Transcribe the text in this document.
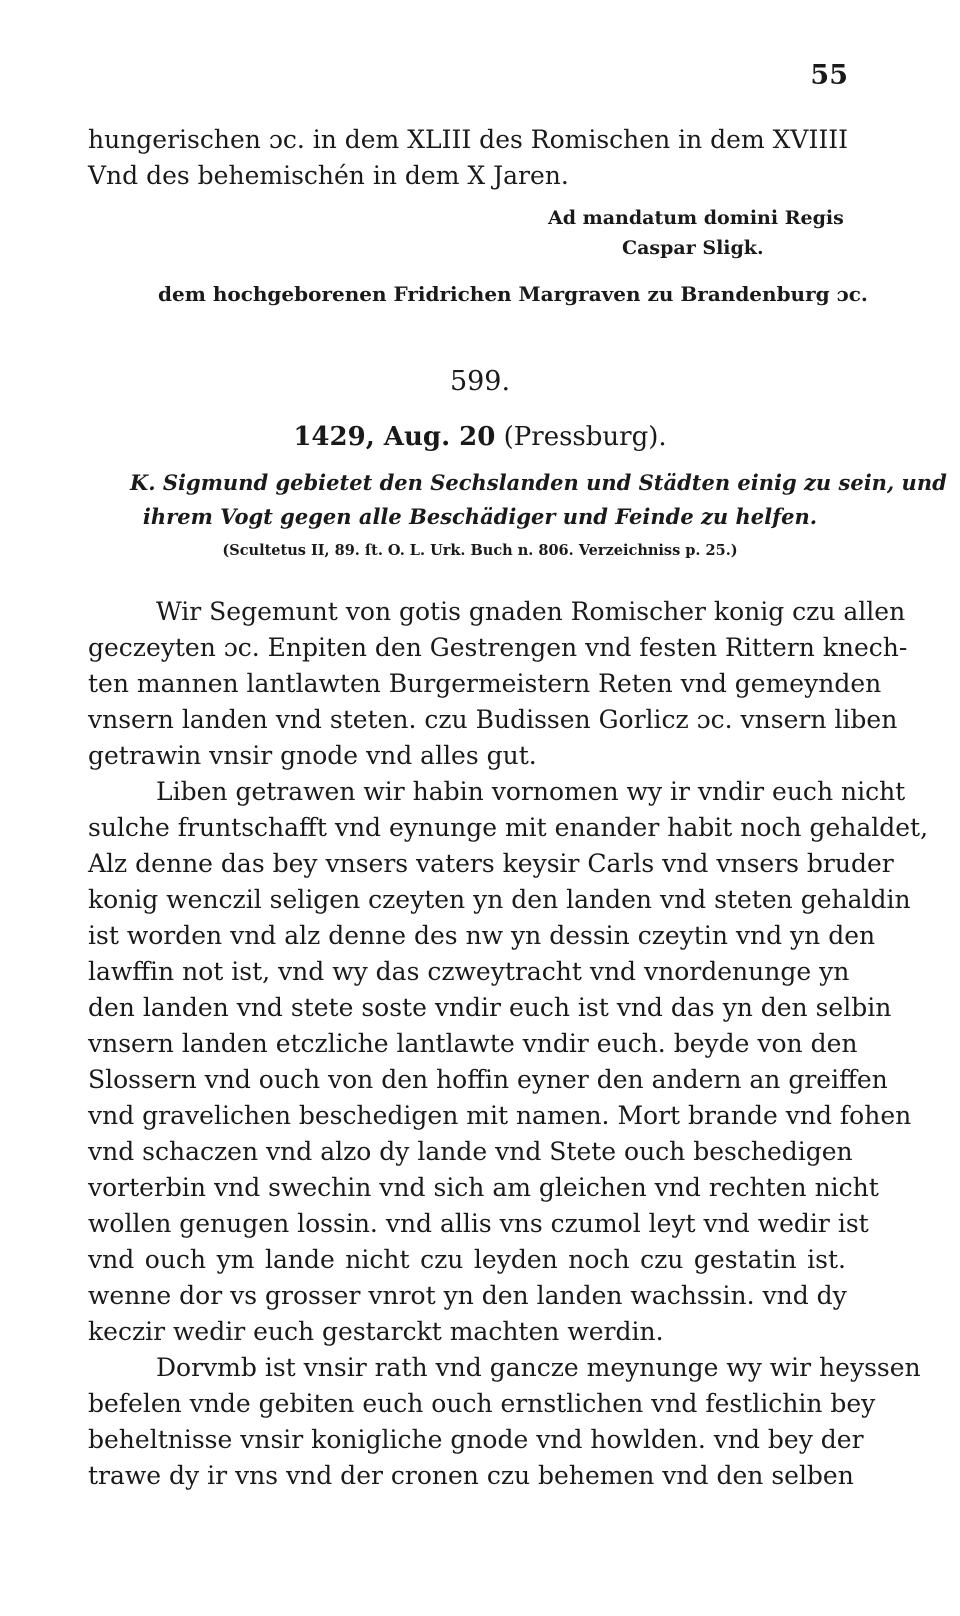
55
hungerischen ɔc. in dem XLIII des Romischen in dem XVIIII
Vnd des behemischén in dem X Jaren.
Ad mandatum domini Regis
Caspar Sligk.
dem hochgeborenen Fridrichen Margraven zu Brandenburg ɔc.
599.
1429, Aug. 20 (Pressburg).
K. Sigmund gebietet den Sechslanden und Städten einig zu sein, und
ihrem Vogt gegen alle Beschädiger und Feinde zu helfen.
(Scultetus II, 89. ſt. O. L. Urk. Buch n. 806. Verzeichniss p. 25.)
Wir Segemunt von gotis gnaden Romischer konig czu allen
geczeyten ɔc. Enpiten den Gestrengen vnd festen Rittern knech-
ten mannen lantlawten Burgermeistern Reten vnd gemeynden
vnsern landen vnd steten. czu Budissen Gorlicz ɔc. vnsern liben
getrawin vnsir gnode vnd alles gut.
Liben getrawen wir habin vornomen wy ir vndir euch nicht
sulche fruntschafft vnd eynunge mit enander habit noch gehaldet,
Alz denne das bey vnsers vaters keysir Carls vnd vnsers bruder
konig wenczil seligen czeyten yn den landen vnd steten gehaldin
ist worden vnd alz denne des nw yn dessin czeytin vnd yn den
lawffin not ist, vnd wy das czweytracht vnd vnordenunge yn
den landen vnd stete soste vndir euch ist vnd das yn den selbin
vnsern landen etczliche lantlawte vndir euch. beyde von den
Slossern vnd ouch von den hoffin eyner den andern an greiffen
vnd gravelichen beschedigen mit namen. Mort brande vnd fohen
vnd schaczen vnd alzo dy lande vnd Stete ouch beschedigen
vorterbin vnd swechin vnd sich am gleichen vnd rechten nicht
wollen genugen lossin. vnd allis vns czumol leyt vnd wedir ist
vnd ouch ym lande nicht czu leyden noch czu gestatin ist.
wenne dor vs grosser vnrot yn den landen wachssin. vnd dy
keczir wedir euch gestarckt machten werdin.
Dorvmb ist vnsir rath vnd gancze meynunge wy wir heyssen
befelen vnde gebiten euch ouch ernstlichen vnd festlichin bey
beheltnisse vnsir konigliche gnode vnd howlden. vnd bey der
trawe dy ir vns vnd der cronen czu behemen vnd den selben
